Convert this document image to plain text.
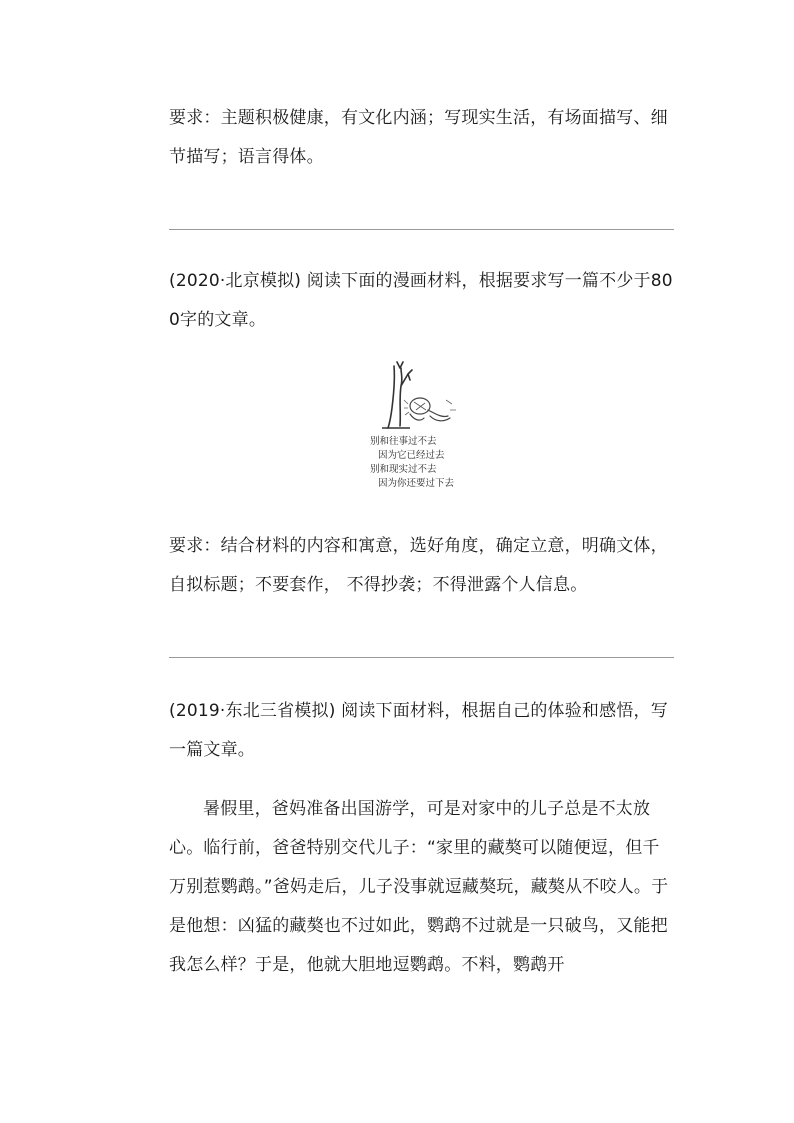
要求：主题积极健康，有文化内涵；写现实生活，有场面描写、细节描写；语言得体。

(2020·北京模拟) 阅读下面的漫画材料，根据要求写一篇不少于800字的文章。

别和往事过不去
因为它已经过去
别和现实过不去
因为你还要过下去

要求：结合材料的内容和寓意，选好角度，确定立意，明确文体，自拟标题；不要套作， 不得抄袭；不得泄露个人信息。

(2019·东北三省模拟) 阅读下面材料，根据自己的体验和感悟，写一篇文章。

暑假里，爸妈准备出国游学，可是对家中的儿子总是不太放心。临行前，爸爸特别交代儿子：“家里的藏獒可以随便逗，但千万别惹鹦鹉。”爸妈走后，儿子没事就逗藏獒玩，藏獒从不咬人。于是他想：凶猛的藏獒也不过如此，鹦鹉不过就是一只破鸟，又能把我怎么样？于是，他就大胆地逗鹦鹉。不料，鹦鹉开
